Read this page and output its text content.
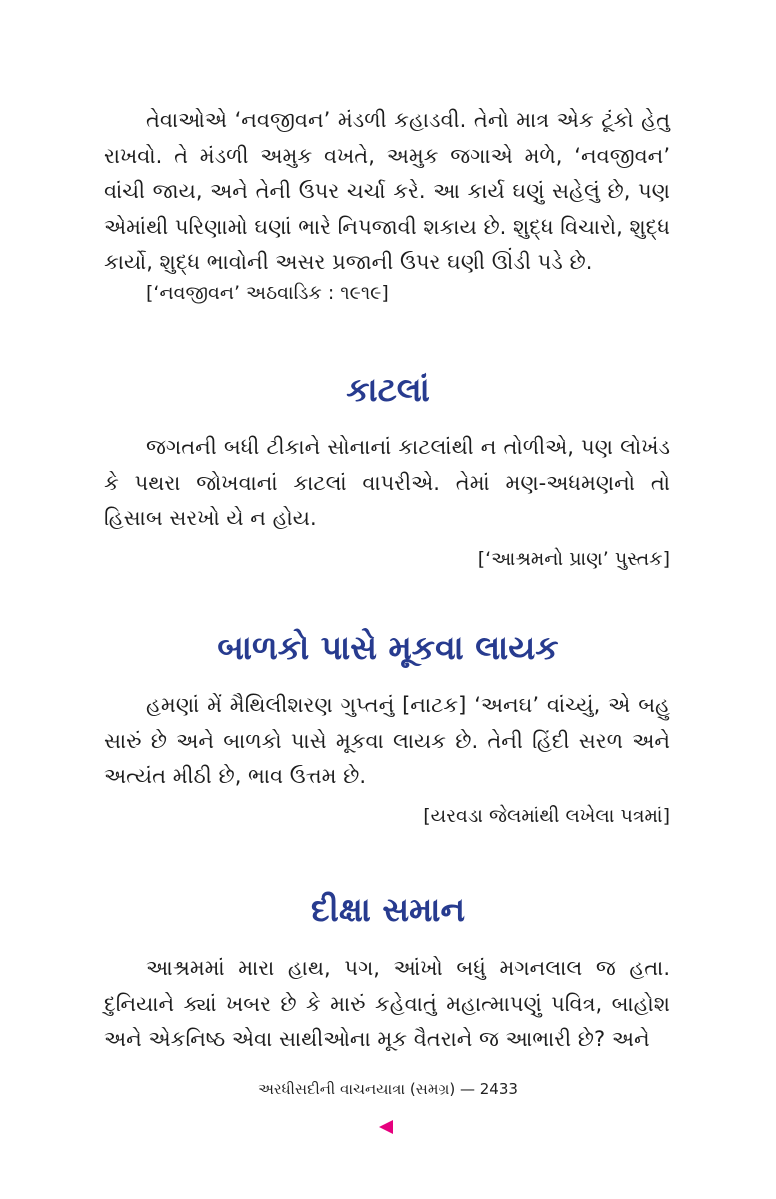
તેવાઓએ ‘નવજીવન’ મંડળી કહાડવી. તેનો માત્ર એક ટૂંકો હેતુ રાખવો. તે મંડળી અમુક વખતે, અમુક જગાએ મળે, ‘નવજીવન’ વાંચી જાય, અને તેની ઉપર ચર્ચા કરે. આ કાર્ય ઘણું સહેલું છે, પણ એમાંથી પરિણામો ઘણાં ભારે નિપજાવી શકાય છે. શુદ્ધ વિચારો, શુદ્ધ કાર્યો, શુદ્ધ ભાવોની અસર પ્રજાની ઉપર ઘણી ઊંડી પડે છે.

[‘નવજીવન’ અઠવાડિક : ૧૯૧૯]

કાટલાં

જગતની બધી ટીકાને સોનાનાં કાટલાંથી ન તોળીએ, પણ લોખંડ કે પથરા જોખવાનાં કાટલાં વાપરીએ. તેમાં મણ-અધમણનો તો હિસાબ સરખો યે ન હોય.

[‘આશ્રમનો પ્રાણ’ પુસ્તક]

બાળકો પાસે મૂકવા લાયક

હમણાં મેં મૈથિલીશરણ ગુપ્તનું [નાટક] ‘અનઘ’ વાંચ્યું, એ બહુ સારું છે અને બાળકો પાસે મૂકવા લાયક છે. તેની હિંદી સરળ અને અત્યંત મીઠી છે, ભાવ ઉત્તમ છે.

[યરવડા જેલમાંથી લખેલા પત્રમાં]

દીક્ષા સમાન

આશ્રમમાં મારા હાથ, પગ, આંખો બધું મગનલાલ જ હતા. દુનિયાને ક્યાં ખબર છે કે મારું કહેવાતું મહાત્માપણું પવિત્ર, બાહોશ અને એકનિષ્ઠ એવા સાથીઓના મૂક વૈતરાને જ આભારી છે? અને

અરધીસદીની વાચનયાત્રા (સમગ્ર) — 2433
